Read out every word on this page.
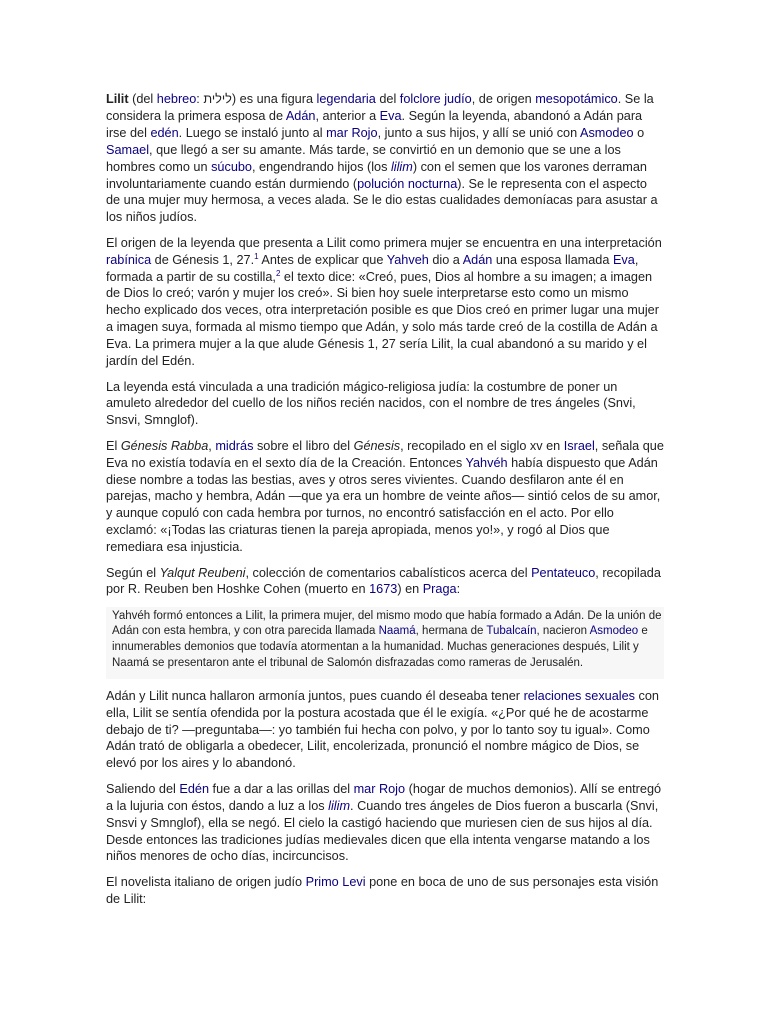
Lilit (del hebreo: לילית) es una figura legendaria del folclore judío, de origen mesopotámico. Se la considera la primera esposa de Adán, anterior a Eva. Según la leyenda, abandonó a Adán para irse del edén. Luego se instaló junto al mar Rojo, junto a sus hijos, y allí se unió con Asmodeo o Samael, que llegó a ser su amante. Más tarde, se convirtió en un demonio que se une a los hombres como un súcubo, engendrando hijos (los lilim) con el semen que los varones derraman involuntariamente cuando están durmiendo (polución nocturna). Se le representa con el aspecto de una mujer muy hermosa, a veces alada. Se le dio estas cualidades demoníacas para asustar a los niños judíos.

El origen de la leyenda que presenta a Lilit como primera mujer se encuentra en una interpretación rabínica de Génesis 1, 27.$^1$ Antes de explicar que Yahveh dio a Adán una esposa llamada Eva, formada a partir de su costilla,$^2$ el texto dice: «Creó, pues, Dios al hombre a su imagen; a imagen de Dios lo creó; varón y mujer los creó». Si bien hoy suele interpretarse esto como un mismo hecho explicado dos veces, otra interpretación posible es que Dios creó en primer lugar una mujer a imagen suya, formada al mismo tiempo que Adán, y solo más tarde creó de la costilla de Adán a Eva. La primera mujer a la que alude Génesis 1, 27 sería Lilit, la cual abandonó a su marido y el jardín del Edén.

La leyenda está vinculada a una tradición mágico-religiosa judía: la costumbre de poner un amuleto alrededor del cuello de los niños recién nacidos, con el nombre de tres ángeles (Snvi, Snsvi, Smnglof).

El Génesis Rabba, midrás sobre el libro del Génesis, recopilado en el siglo xv en Israel, señala que Eva no existía todavía en el sexto día de la Creación. Entonces Yahvéh había dispuesto que Adán diese nombre a todas las bestias, aves y otros seres vivientes. Cuando desfilaron ante él en parejas, macho y hembra, Adán —que ya era un hombre de veinte años— sintió celos de su amor, y aunque copuló con cada hembra por turnos, no encontró satisfacción en el acto. Por ello exclamó: «¡Todas las criaturas tienen la pareja apropiada, menos yo!», y rogó al Dios que remediara esa injusticia.

Según el Yalqut Reubeni, colección de comentarios cabalísticos acerca del Pentateuco, recopilada por R. Reuben ben Hoshke Cohen (muerto en 1673) en Praga:

Yahvéh formó entonces a Lilit, la primera mujer, del mismo modo que había formado a Adán. De la unión de Adán con esta hembra, y con otra parecida llamada Naamá, hermana de Tubalcaín, nacieron Asmodeo e innumerables demonios que todavía atormentan a la humanidad. Muchas generaciones después, Lilit y Naamá se presentaron ante el tribunal de Salomón disfrazadas como rameras de Jerusalén.

Adán y Lilit nunca hallaron armonía juntos, pues cuando él deseaba tener relaciones sexuales con ella, Lilit se sentía ofendida por la postura acostada que él le exigía. «¿Por qué he de acostarme debajo de ti? —preguntaba—: yo también fui hecha con polvo, y por lo tanto soy tu igual». Como Adán trató de obligarla a obedecer, Lilit, encolerizada, pronunció el nombre mágico de Dios, se elevó por los aires y lo abandonó.

Saliendo del Edén fue a dar a las orillas del mar Rojo (hogar de muchos demonios). Allí se entregó a la lujuria con éstos, dando a luz a los lilim. Cuando tres ángeles de Dios fueron a buscarla (Snvi, Snsvi y Smnglof), ella se negó. El cielo la castigó haciendo que muriesen cien de sus hijos al día. Desde entonces las tradiciones judías medievales dicen que ella intenta vengarse matando a los niños menores de ocho días, incircuncisos.

El novelista italiano de origen judío Primo Levi pone en boca de uno de sus personajes esta visión de Lilit:
